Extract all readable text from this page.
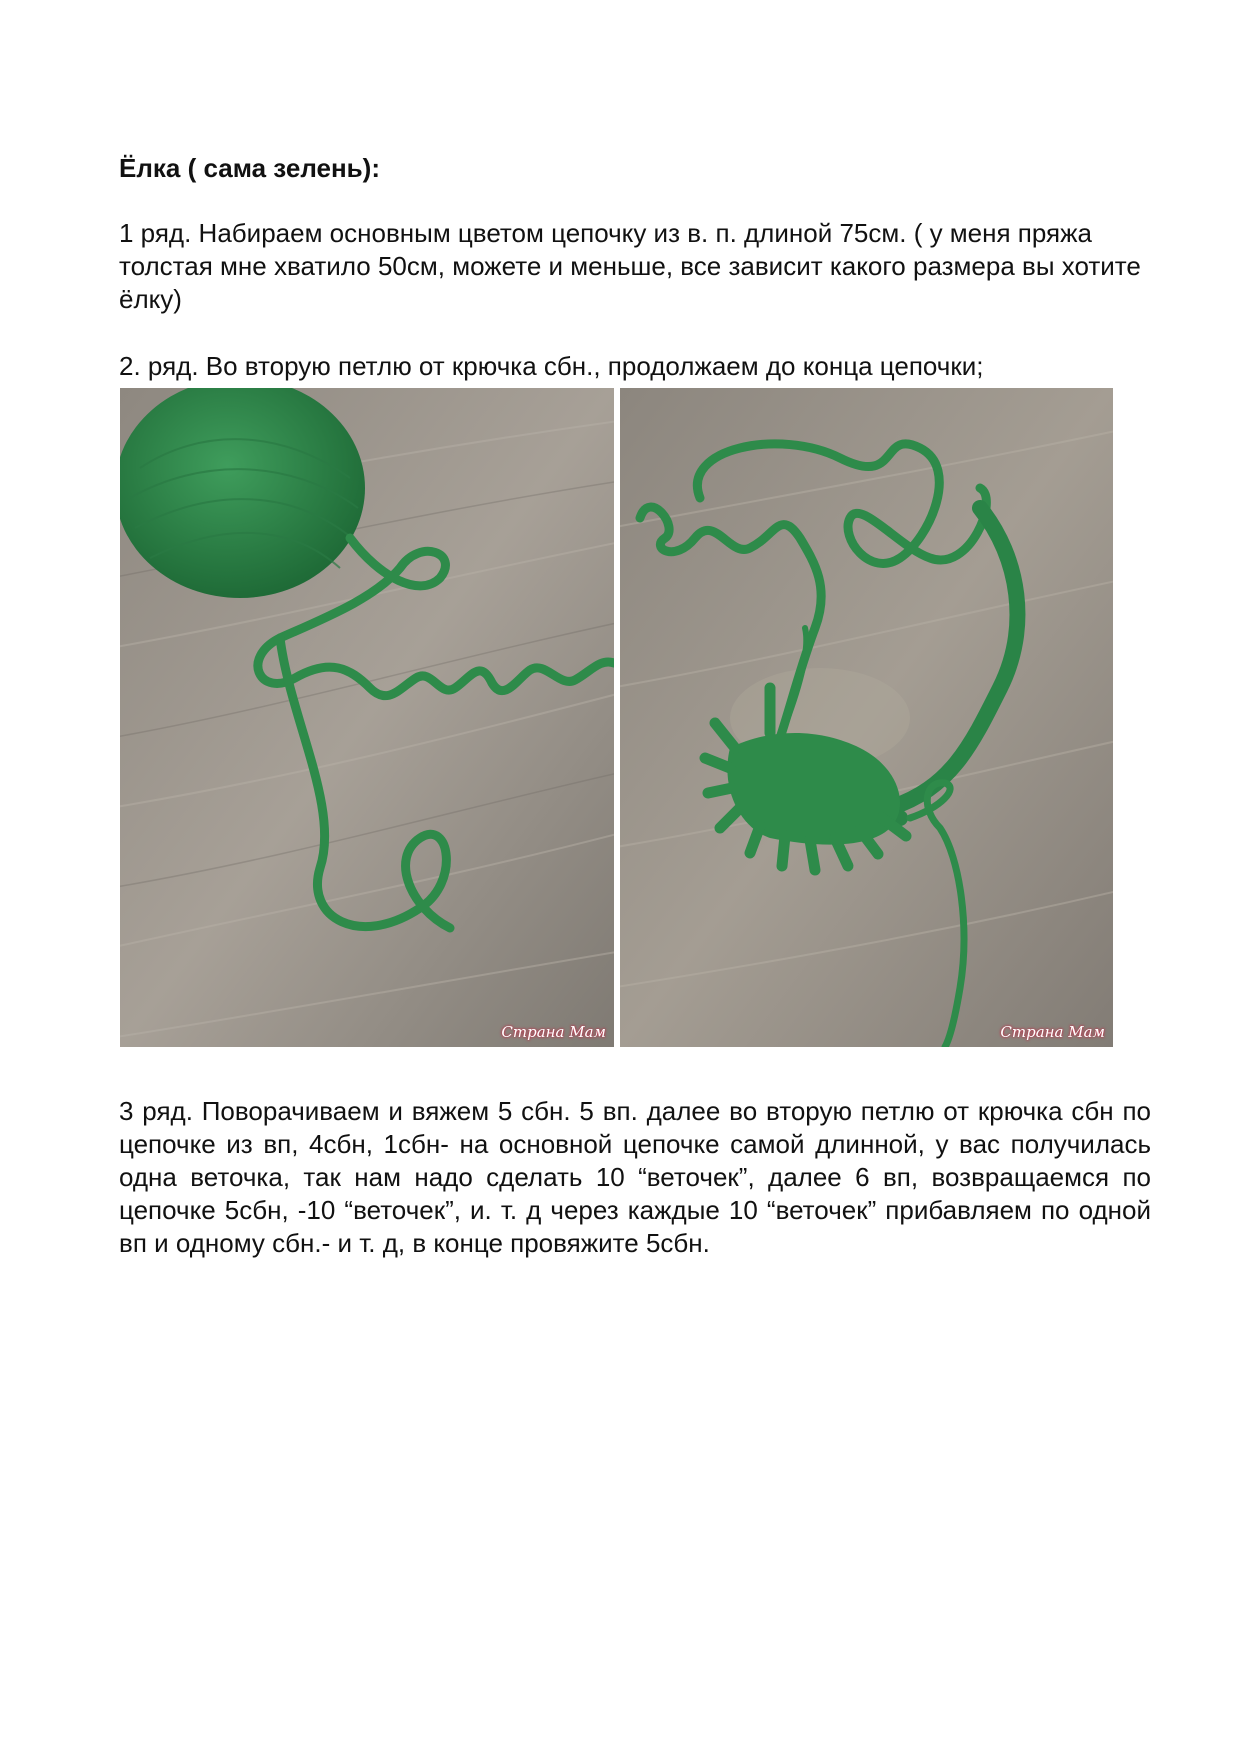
Ёлка ( сама зелень):

1 ряд. Набираем основным цветом цепочку из в. п. длиной 75см. ( у меня пряжа толстая мне хватило 50см, можете и меньше, все зависит какого размера вы хотите ёлку)

2. ряд. Во вторую петлю от крючка сбн., продолжаем до конца цепочки;

Страна Мам	Страна Мам

3 ряд. Поворачиваем и вяжем 5 сбн. 5 вп. далее во вторую петлю от крючка сбн по цепочке из вп, 4сбн, 1сбн- на основной цепочке самой длинной, у вас получилась одна веточка, так нам надо сделать 10 “веточек”, далее 6 вп, возвращаемся по цепочке 5сбн, -10 “веточек”, и. т. д через каждые 10 “веточек” прибавляем по одной вп и одному сбн.- и т. д, в конце провяжите 5сбн.
